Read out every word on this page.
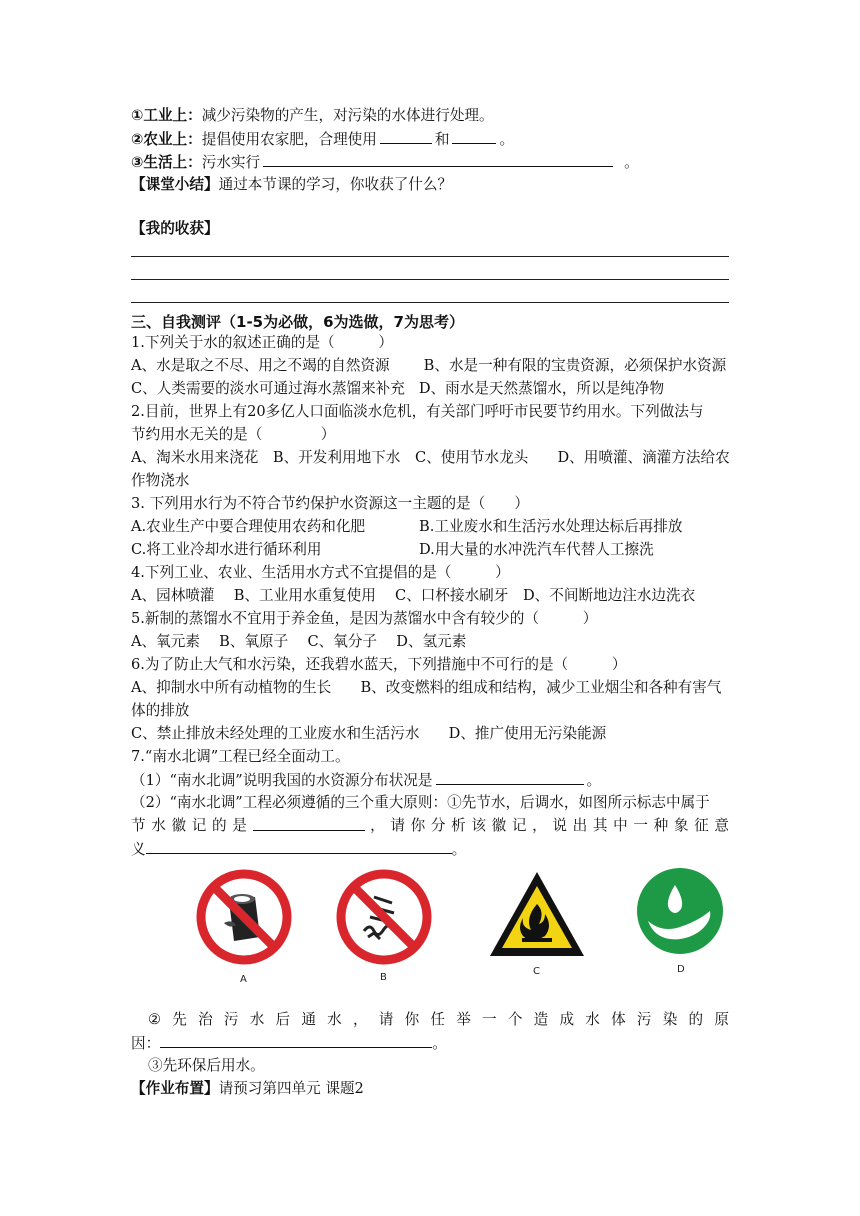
①工业上：减少污染物的产生，对污染的水体进行处理。
②农业上：提倡使用农家肥，合理使用	和	。
③生活上：污水实行	。
【课堂小结】通过本节课的学习，你收获了什么？
【我的收获】
三、自我测评（1-5为必做，6为选做，7为思考）
1.下列关于水的叙述正确的是（　　　）
A、水是取之不尽、用之不竭的自然资源 B、水是一种有限的宝贵资源，必须保护水资源
C、人类需要的淡水可通过海水蒸馏来补充 D、雨水是天然蒸馏水，所以是纯净物
2.目前，世界上有20多亿人口面临淡水危机，有关部门呼吁市民要节约用水。下列做法与
节约用水无关的是（　　　　）
A、淘米水用来浇花　B、开发利用地下水　C、使用节水龙头　　D、用喷灌、滴灌方法给农
作物浇水
3. 下列用水行为不符合节约保护水资源这一主题的是（　　）
A.农业生产中要合理使用农药和化肥	B.工业废水和生活污水处理达标后再排放
C.将工业冷却水进行循环利用	D.用大量的水冲洗汽车代替人工擦洗
4.下列工业、农业、生活用水方式不宜提倡的是（　　　）
A、园林喷灌　 B、工业用水重复使用　 C、口杯接水刷牙　D、不间断地边注水边洗衣
5.新制的蒸馏水不宜用于养金鱼，是因为蒸馏水中含有较少的（　　　）
A、氧元素　 B、氧原子　 C、氧分子　 D、氢元素
6.为了防止大气和水污染，还我碧水蓝天，下列措施中不可行的是（　　　）
A、抑制水中所有动植物的生长　　B、改变燃料的组成和结构，减少工业烟尘和各种有害气
体的排放
C、禁止排放未经处理的工业废水和生活污水　　D、推广使用无污染能源
7.“南水北调”工程已经全面动工。
（1）“南水北调”说明我国的水资源分布状况是	。
（2）“南水北调”工程必须遵循的三个重大原则：①先节水，后调水，如图所示标志中属于
节 水 徽 记 的 是	， 请 你 分 析 该 徽 记 ， 说 出 其 中 一 种 象 征 意
义	。
A	B
C	D
② 先 治 污 水 后 通 水 ， 请 你 任 举 一 个 造 成 水 体 污 染 的 原
因：	。
③先环保后用水。
【作业布置】请预习第四单元 课题2
